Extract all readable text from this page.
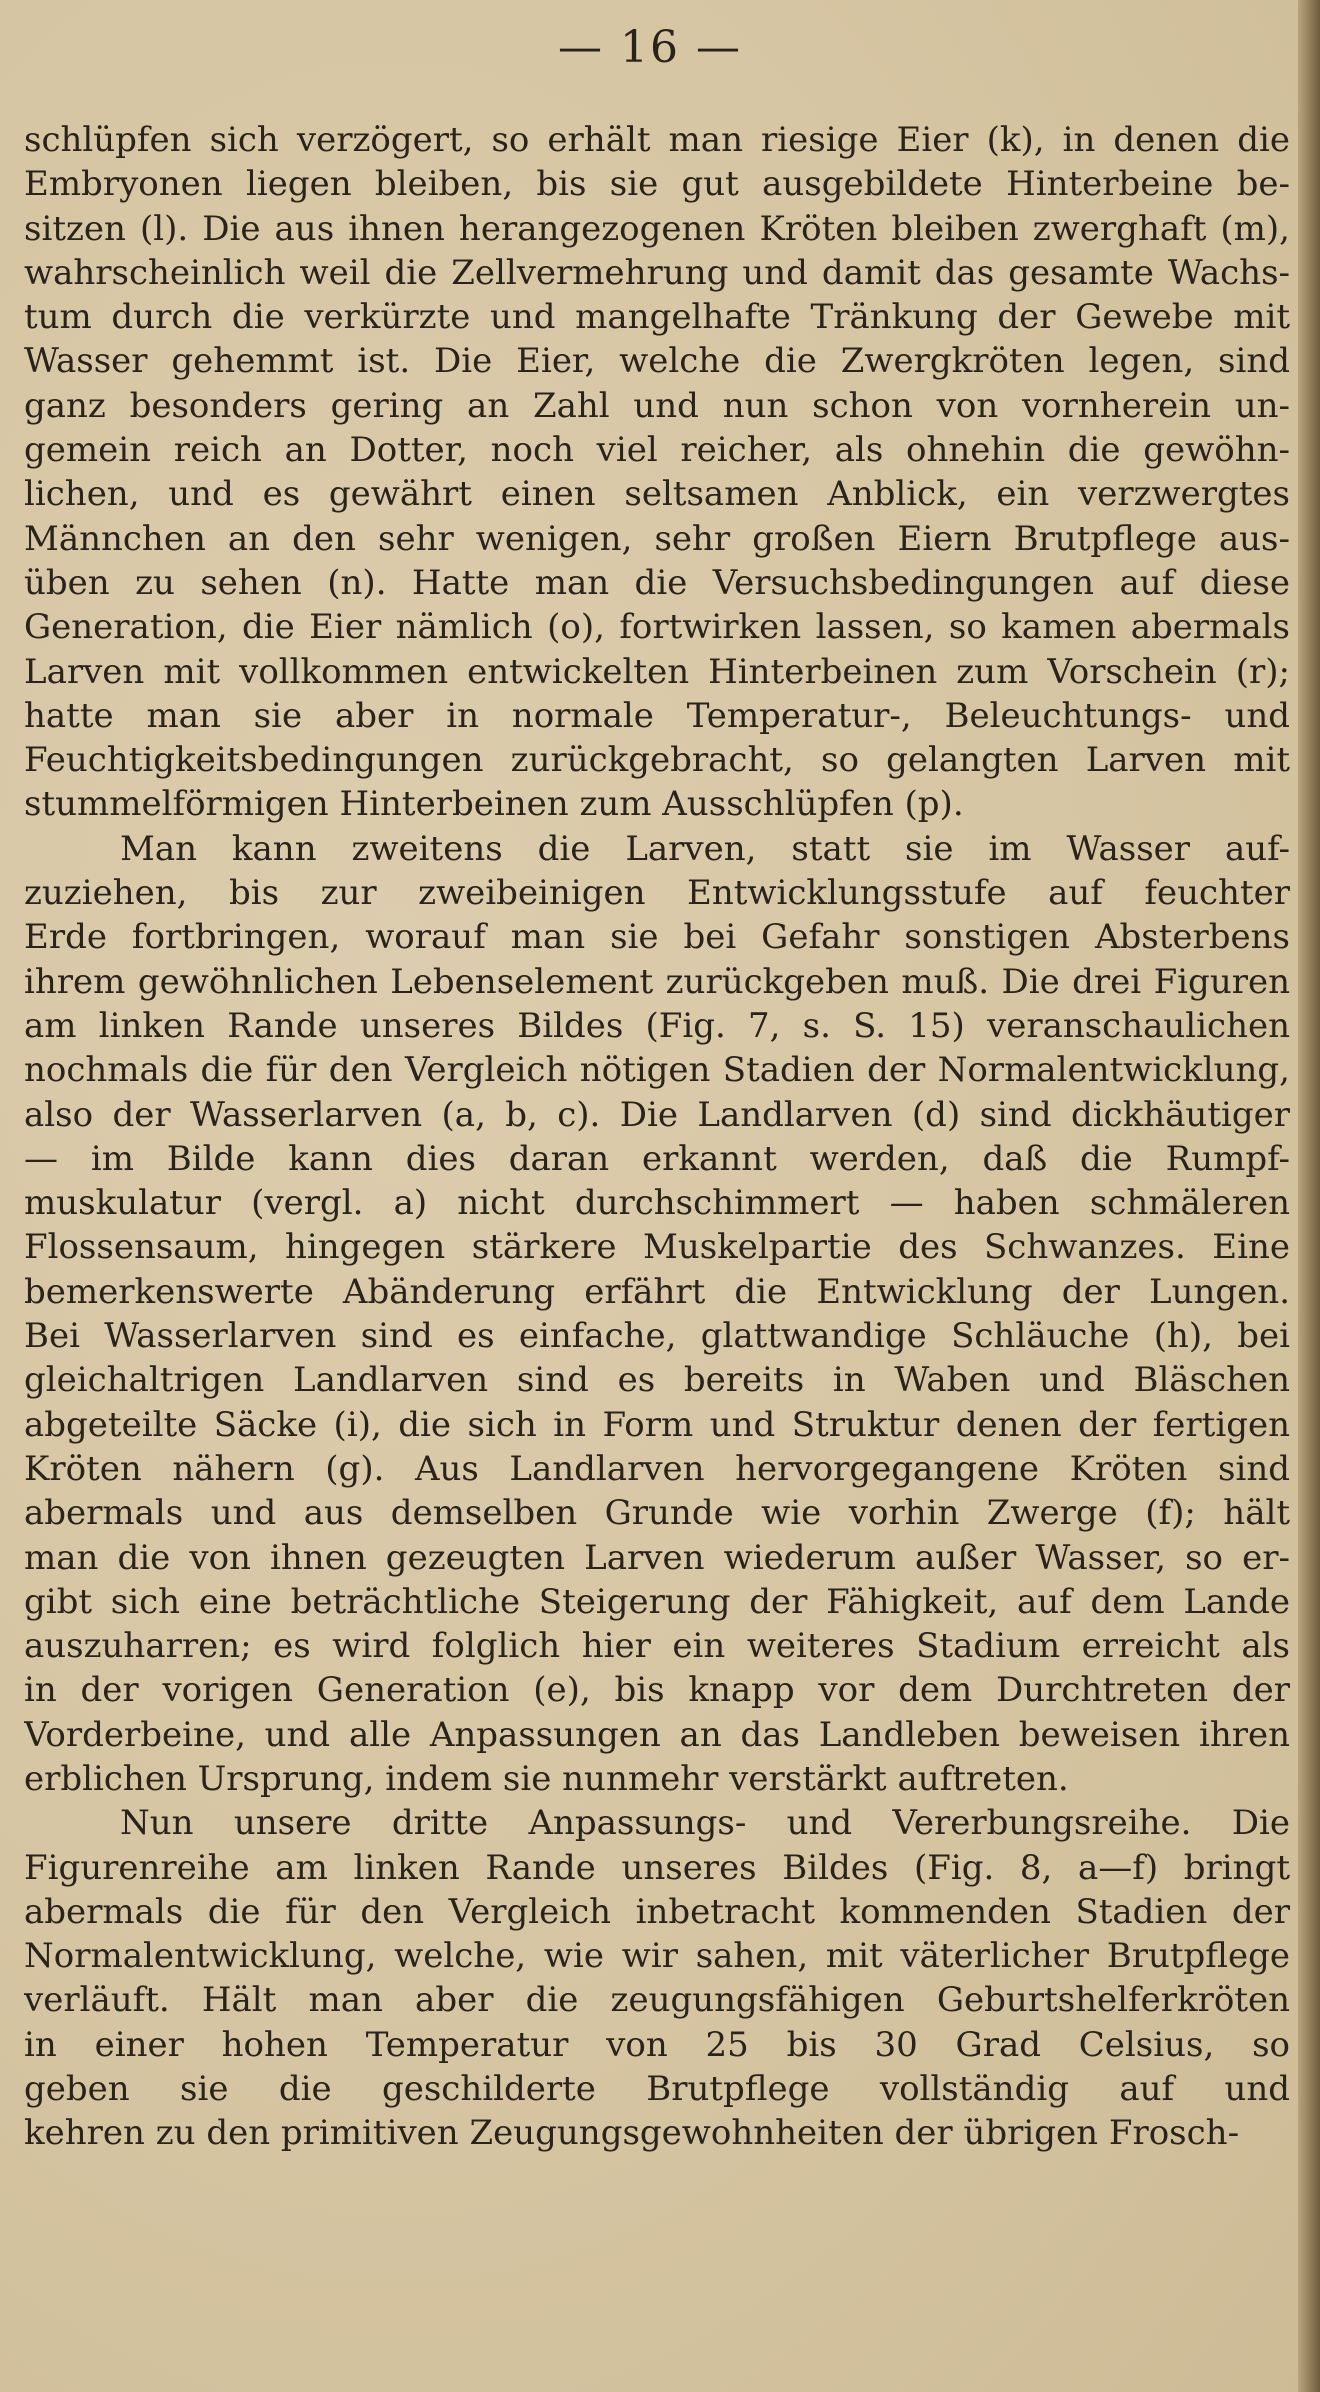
— 16 —
schlüpfen sich verzögert, so erhält man riesige Eier (k), in denen die
Embryonen liegen bleiben, bis sie gut ausgebildete Hinterbeine be-
sitzen (l). Die aus ihnen herangezogenen Kröten bleiben zwerghaft (m),
wahrscheinlich weil die Zellvermehrung und damit das gesamte Wachs-
tum durch die verkürzte und mangelhafte Tränkung der Gewebe mit
Wasser gehemmt ist. Die Eier, welche die Zwergkröten legen, sind
ganz besonders gering an Zahl und nun schon von vornherein un-
gemein reich an Dotter, noch viel reicher, als ohnehin die gewöhn-
lichen, und es gewährt einen seltsamen Anblick, ein verzwergtes
Männchen an den sehr wenigen, sehr großen Eiern Brutpflege aus-
üben zu sehen (n). Hatte man die Versuchsbedingungen auf diese
Generation, die Eier nämlich (o), fortwirken lassen, so kamen abermals
Larven mit vollkommen entwickelten Hinterbeinen zum Vorschein (r);
hatte man sie aber in normale Temperatur-, Beleuchtungs- und
Feuchtigkeitsbedingungen zurückgebracht, so gelangten Larven mit
stummelförmigen Hinterbeinen zum Ausschlüpfen (p).
Man kann zweitens die Larven, statt sie im Wasser auf-
zuziehen, bis zur zweibeinigen Entwicklungsstufe auf feuchter
Erde fortbringen, worauf man sie bei Gefahr sonstigen Absterbens
ihrem gewöhnlichen Lebenselement zurückgeben muß. Die drei Figuren
am linken Rande unseres Bildes (Fig. 7, s. S. 15) veranschaulichen
nochmals die für den Vergleich nötigen Stadien der Normalentwicklung,
also der Wasserlarven (a, b, c). Die Landlarven (d) sind dickhäutiger
— im Bilde kann dies daran erkannt werden, daß die Rumpf-
muskulatur (vergl. a) nicht durchschimmert — haben schmäleren
Flossensaum, hingegen stärkere Muskelpartie des Schwanzes. Eine
bemerkenswerte Abänderung erfährt die Entwicklung der Lungen.
Bei Wasserlarven sind es einfache, glattwandige Schläuche (h), bei
gleichaltrigen Landlarven sind es bereits in Waben und Bläschen
abgeteilte Säcke (i), die sich in Form und Struktur denen der fertigen
Kröten nähern (g). Aus Landlarven hervorgegangene Kröten sind
abermals und aus demselben Grunde wie vorhin Zwerge (f); hält
man die von ihnen gezeugten Larven wiederum außer Wasser, so er-
gibt sich eine beträchtliche Steigerung der Fähigkeit, auf dem Lande
auszuharren; es wird folglich hier ein weiteres Stadium erreicht als
in der vorigen Generation (e), bis knapp vor dem Durchtreten der
Vorderbeine, und alle Anpassungen an das Landleben beweisen ihren
erblichen Ursprung, indem sie nunmehr verstärkt auftreten.
Nun unsere dritte Anpassungs- und Vererbungsreihe. Die
Figurenreihe am linken Rande unseres Bildes (Fig. 8, a—f) bringt
abermals die für den Vergleich inbetracht kommenden Stadien der
Normalentwicklung, welche, wie wir sahen, mit väterlicher Brutpflege
verläuft. Hält man aber die zeugungsfähigen Geburtshelferkröten
in einer hohen Temperatur von 25 bis 30 Grad Celsius, so
geben sie die geschilderte Brutpflege vollständig auf und
kehren zu den primitiven Zeugungsgewohnheiten der übrigen Frosch-
